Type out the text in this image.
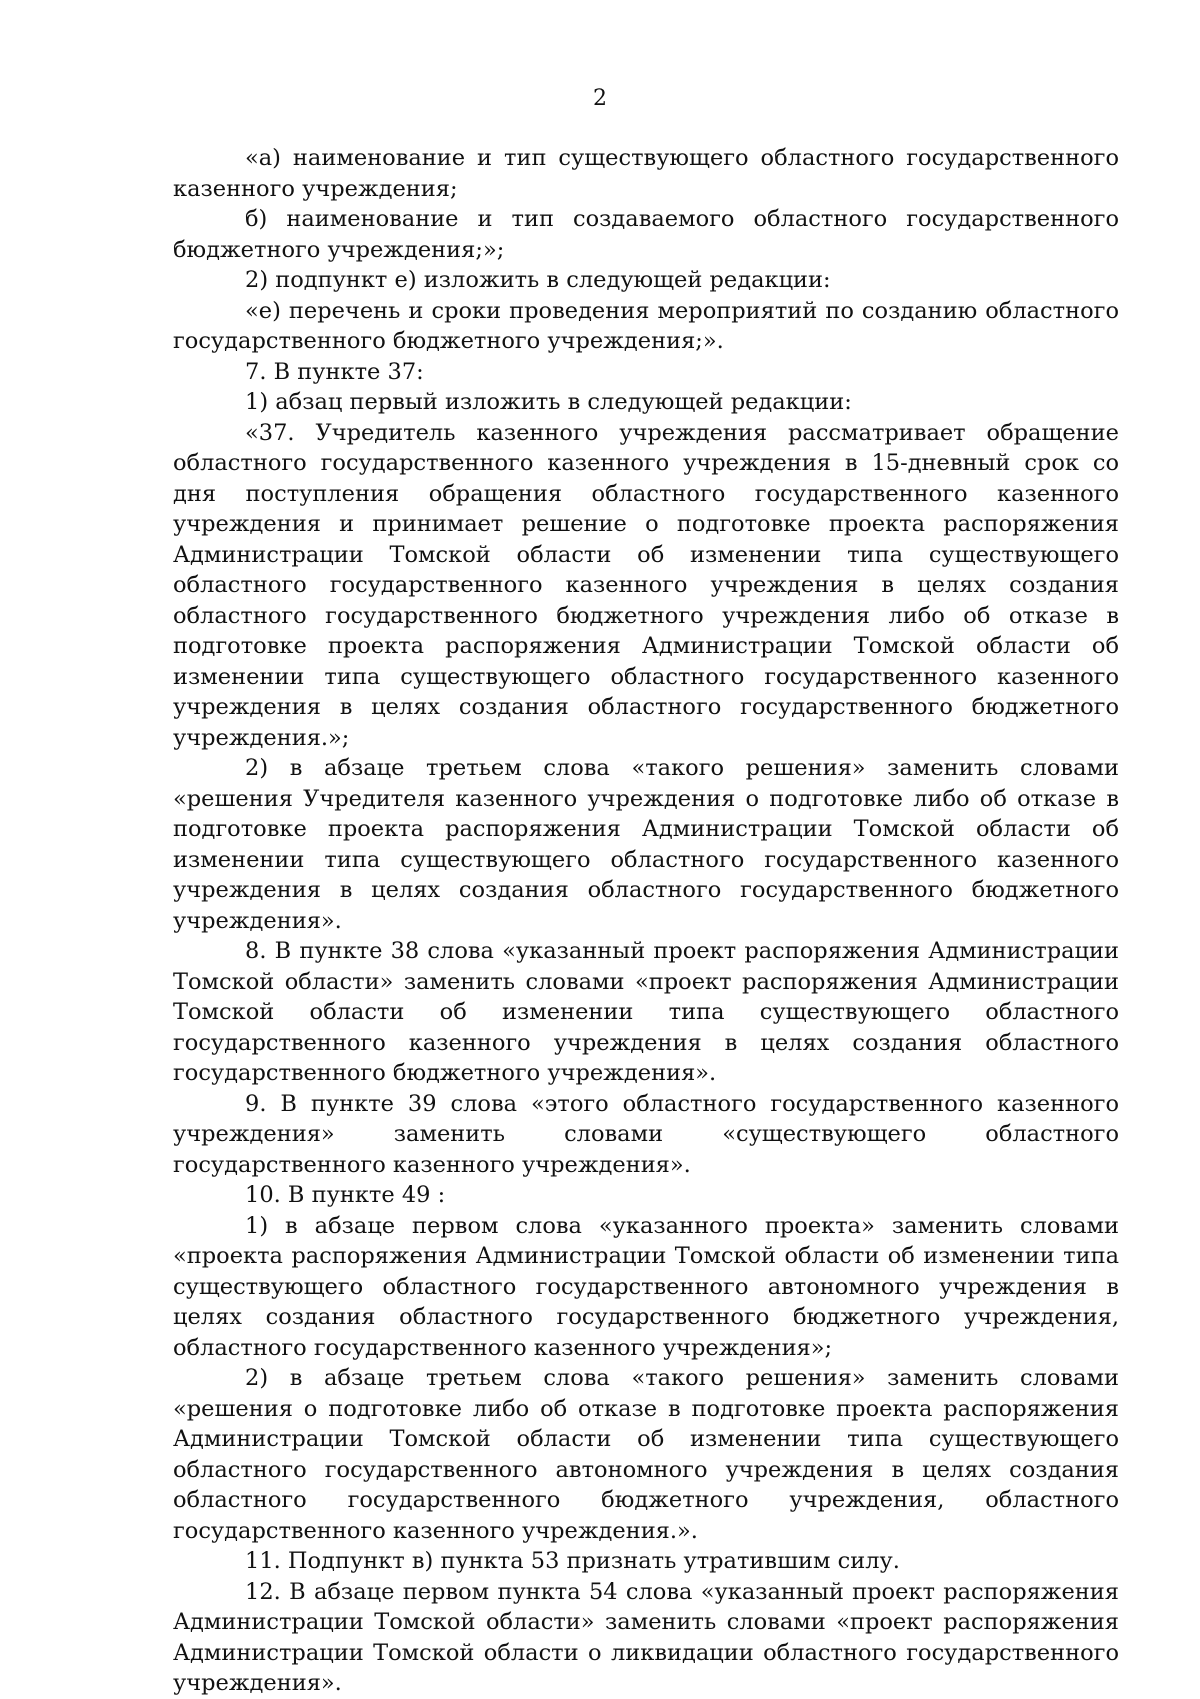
2

«а) наименование и тип существующего областного государственного казенного учреждения;

б) наименование и тип создаваемого областного государственного бюджетного учреждения;»;

2) подпункт е) изложить в следующей редакции:

«е) перечень и сроки проведения мероприятий по созданию областного государственного бюджетного учреждения;».

7. В пункте 37:

1) абзац первый изложить в следующей редакции:

«37. Учредитель казенного учреждения рассматривает обращение областного государственного казенного учреждения в 15-дневный срок со дня поступления обращения областного государственного казенного учреждения и принимает решение о подготовке проекта распоряжения Администрации Томской области об изменении типа существующего областного государственного казенного учреждения в целях создания областного государственного бюджетного учреждения либо об отказе в подготовке проекта распоряжения Администрации Томской области об изменении типа существующего областного государственного казенного учреждения в целях создания областного государственного бюджетного учреждения.»;

2) в абзаце третьем слова «такого решения» заменить словами «решения Учредителя казенного учреждения о подготовке либо об отказе в подготовке проекта распоряжения Администрации Томской области об изменении типа существующего областного государственного казенного учреждения в целях создания областного государственного бюджетного учреждения».

8. В пункте 38 слова «указанный проект распоряжения Администрации Томской области» заменить словами «проект распоряжения Администрации Томской области об изменении типа существующего областного государственного казенного учреждения в целях создания областного государственного бюджетного учреждения».

9. В пункте 39 слова «этого областного государственного казенного учреждения» заменить словами «существующего областного государственного казенного учреждения».

10. В пункте 49 :

1) в абзаце первом слова «указанного проекта» заменить словами «проекта распоряжения Администрации Томской области об изменении типа существующего областного государственного автономного учреждения в целях создания областного государственного бюджетного учреждения, областного государственного казенного учреждения»;

2) в абзаце третьем слова «такого решения» заменить словами «решения о подготовке либо об отказе в подготовке проекта распоряжения Администрации Томской области об изменении типа существующего областного государственного автономного учреждения в целях создания областного государственного бюджетного учреждения, областного государственного казенного учреждения.».

11. Подпункт в) пункта 53 признать утратившим силу.

12. В абзаце первом пункта 54 слова «указанный проект распоряжения Администрации Томской области» заменить словами «проект распоряжения Администрации Томской области о ликвидации областного государственного учреждения».
